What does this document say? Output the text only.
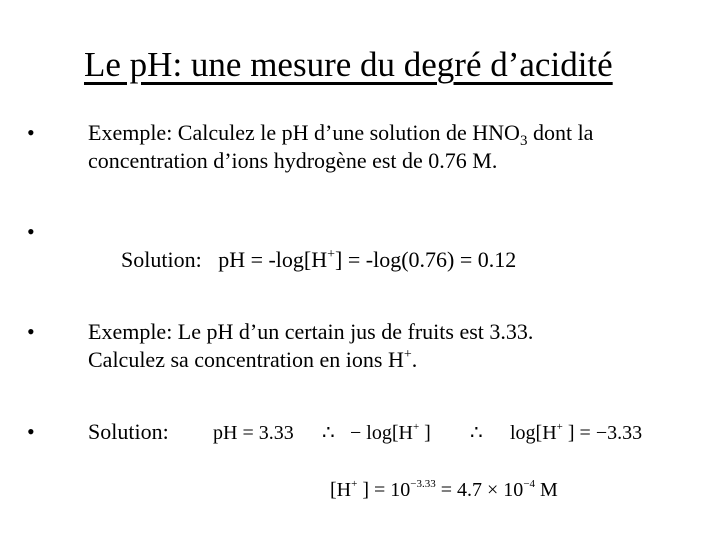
Le pH: une mesure du degré d’acidité
•	Exemple: Calculez le pH d’une solution de $HNO_3$ dont la
concentration d’ions hydrogène est de 0.76 M.
•

Solution:   pH = -log[H+] = -log(0.76) = 0.12

•	Exemple: Le pH d’un certain jus de fruits est 3.33.
Calculez sa concentration en ions H+.
•	Solution: pH = 3.33 ∴ − log[H+ ] ∴ log[H+ ] = −3.33

[H+ ] = $10^{-3.33} = 4.7 \times 10^{-4}$ M
